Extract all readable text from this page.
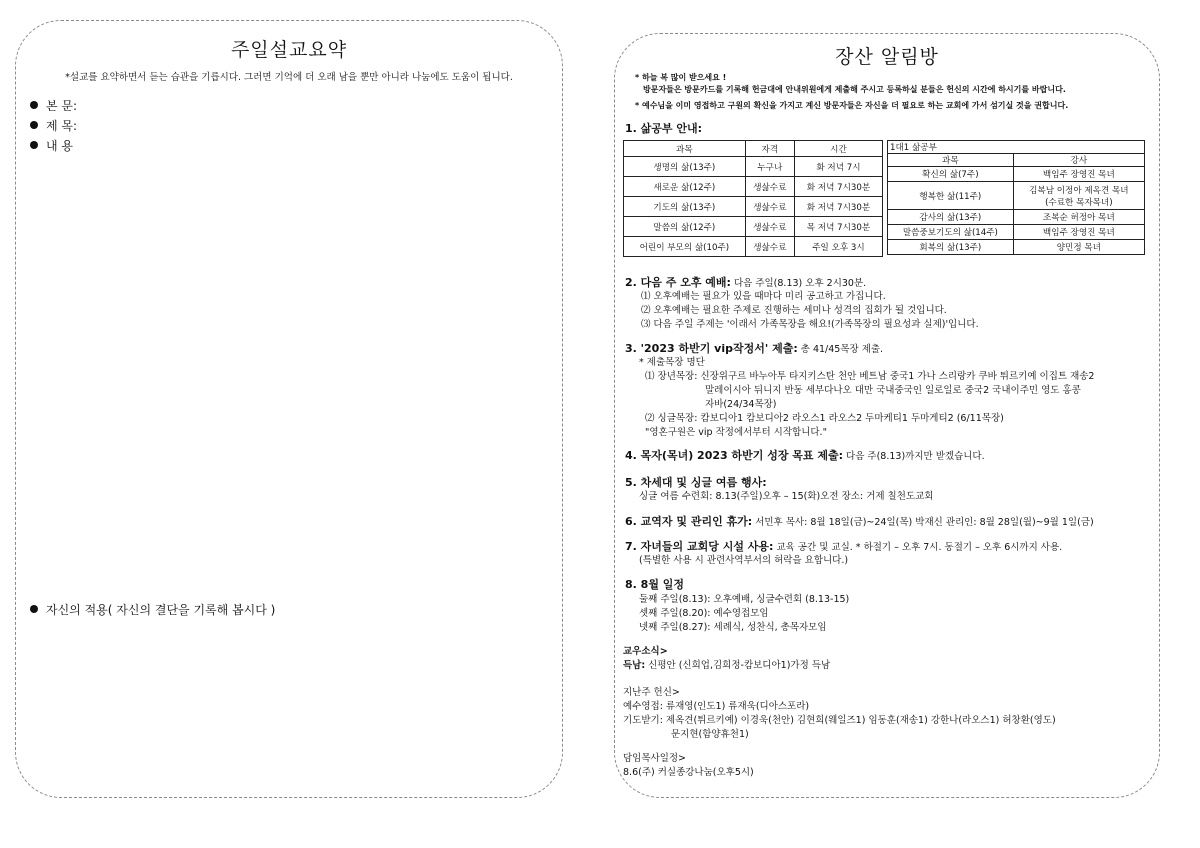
주일설교요약
*설교를 요약하면서 듣는 습관을 기릅시다. 그러면 기억에 더 오래 남을 뿐만 아니라 나눔에도 도움이 됩니다.
본 문:
제 목:
내 용
자신의 적용( 자신의 결단을 기록해 봅시다 )
장산 알림방
* 하늘 복 많이 받으세요 !
방문자들은 방문카드를 기록해 헌금대에 안내위원에게 제출해 주시고 등록하실 분들은 헌신의 시간에 하시기를 바랍니다.
* 예수님을 이미 영접하고 구원의 확신을 가지고 계신 방문자들은 자신을 더 필요로 하는 교회에 가서 섬기실 것을 권합니다.
1. 삶공부 안내:
과목	자격	시간
생명의 삶(13주)	누구나	화 저녁 7시
새로운 삶(12주)	생삶수료	화 저녁 7시30분
기도의 삶(13주)	생삶수료	화 저녁 7시30분
말씀의 삶(12주)	생삶수료	목 저녁 7시30분
어린이 부모의 삶(10주)	생삶수료	주일 오후 3시
1대1 삶공부	
과목	강사
확신의 삶(7주)	백임주 장영진 목녀
행복한 삶(11주)	김복남 이정아 제옥견 목녀
(수료한 목자목녀)
감사의 삶(13주)	조복순 허정아 목녀
말씀중보기도의 삶(14주)	백임주 장영진 목녀
회복의 삶(13주)	양민정 목녀
2. 다음 주 오후 예배: 다음 주일(8.13) 오후 2시30분.
⑴ 오후예배는 필요가 있을 때마다 미리 공고하고 가집니다.
⑵ 오후예배는 필요한 주제로 진행하는 세미나 성격의 집회가 될 것입니다.
⑶ 다음 주일 주제는 '이래서 가족목장을 해요!(가족목장의 필요성과 실제)'입니다.
3. '2023 하반기 vip작정서' 제출: 총 41/45목장 제출.
* 제출목장 명단
⑴ 장년목장: 신장위구르 바누아투 타지키스탄 천안 베트남 중국1 가나 스리랑카 쿠바 튀르키예 이집트 재송2
말레이시아 뒤니지 반동 세부다나오 대만 국내중국인 일로일로 중국2 국내이주민 영도 홍콩
자바(24/34목장)
⑵ 싱글목장: 캄보디아1 캄보디아2 라오스1 라오스2 두마케티1 두마게티2 (6/11목장)
"영혼구원은 vip 작정에서부터 시작합니다."
4. 목자(목녀) 2023 하반기 성장 목표 제출: 다음 주(8.13)까지만 받겠습니다.
5. 차세대 및 싱글 여름 행사:
싱글 여름 수련회: 8.13(주일)오후 – 15(화)오전 장소: 거제 칠천도교회
6. 교역자 및 관리인 휴가: 서민후 목사: 8월 18일(금)~24일(목) 박재신 관리인: 8월 28일(월)~9월 1일(금)
7. 자녀들의 교회당 시설 사용: 교육 공간 및 교실. * 하절기 – 오후 7시. 동절기 – 오후 6시까지 사용.
(특별한 사용 시 관련사역부서의 허락을 요합니다.)
8. 8월 일정
둘째 주일(8.13): 오후예배, 싱글수련회 (8.13-15)
셋째 주일(8.20): 예수영접모임
넷째 주일(8.27): 세례식, 성찬식, 총목자모임
교우소식>
득남: 신평안 (신희업,김희정-캄보디아1)가정 득남
지난주 헌신>
예수영접: 류재영(인도1) 류재욱(디아스포라)
기도받기: 제옥견(튀르키예) 이경욱(천안) 김현희(웨일즈1) 임동훈(재송1) 강한나(라오스1) 허창환(영도)
문지현(함양휴천1)
담임목사일정>
8.6(주) 커실종강나눔(오후5시)
